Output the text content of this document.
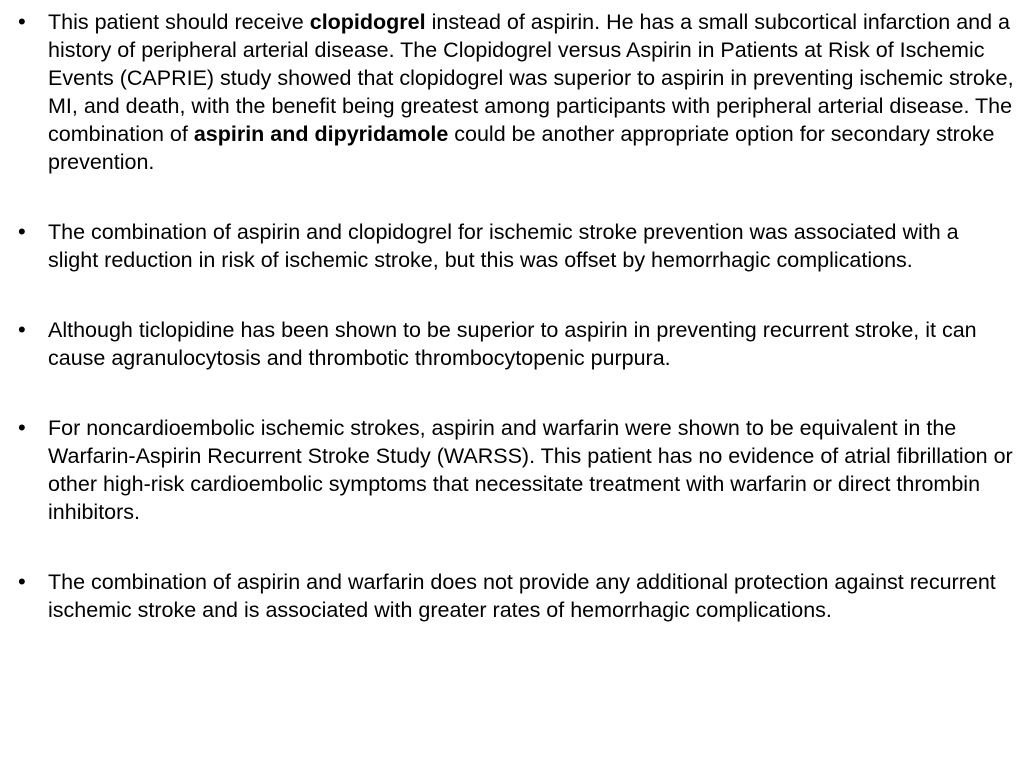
• This patient should receive clopidogrel instead of aspirin. He has a small subcortical infarction and a history of peripheral arterial disease. The Clopidogrel versus Aspirin in Patients at Risk of Ischemic Events (CAPRIE) study showed that clopidogrel was superior to aspirin in preventing ischemic stroke, MI, and death, with the benefit being greatest among participants with peripheral arterial disease. The combination of aspirin and dipyridamole could be another appropriate option for secondary stroke prevention.
• The combination of aspirin and clopidogrel for ischemic stroke prevention was associated with a slight reduction in risk of ischemic stroke, but this was offset by hemorrhagic complications.
• Although ticlopidine has been shown to be superior to aspirin in preventing recurrent stroke, it can cause agranulocytosis and thrombotic thrombocytopenic purpura.
• For noncardioembolic ischemic strokes, aspirin and warfarin were shown to be equivalent in the Warfarin-Aspirin Recurrent Stroke Study (WARSS). This patient has no evidence of atrial fibrillation or other high-risk cardioembolic symptoms that necessitate treatment with warfarin or direct thrombin inhibitors.
• The combination of aspirin and warfarin does not provide any additional protection against recurrent ischemic stroke and is associated with greater rates of hemorrhagic complications.
